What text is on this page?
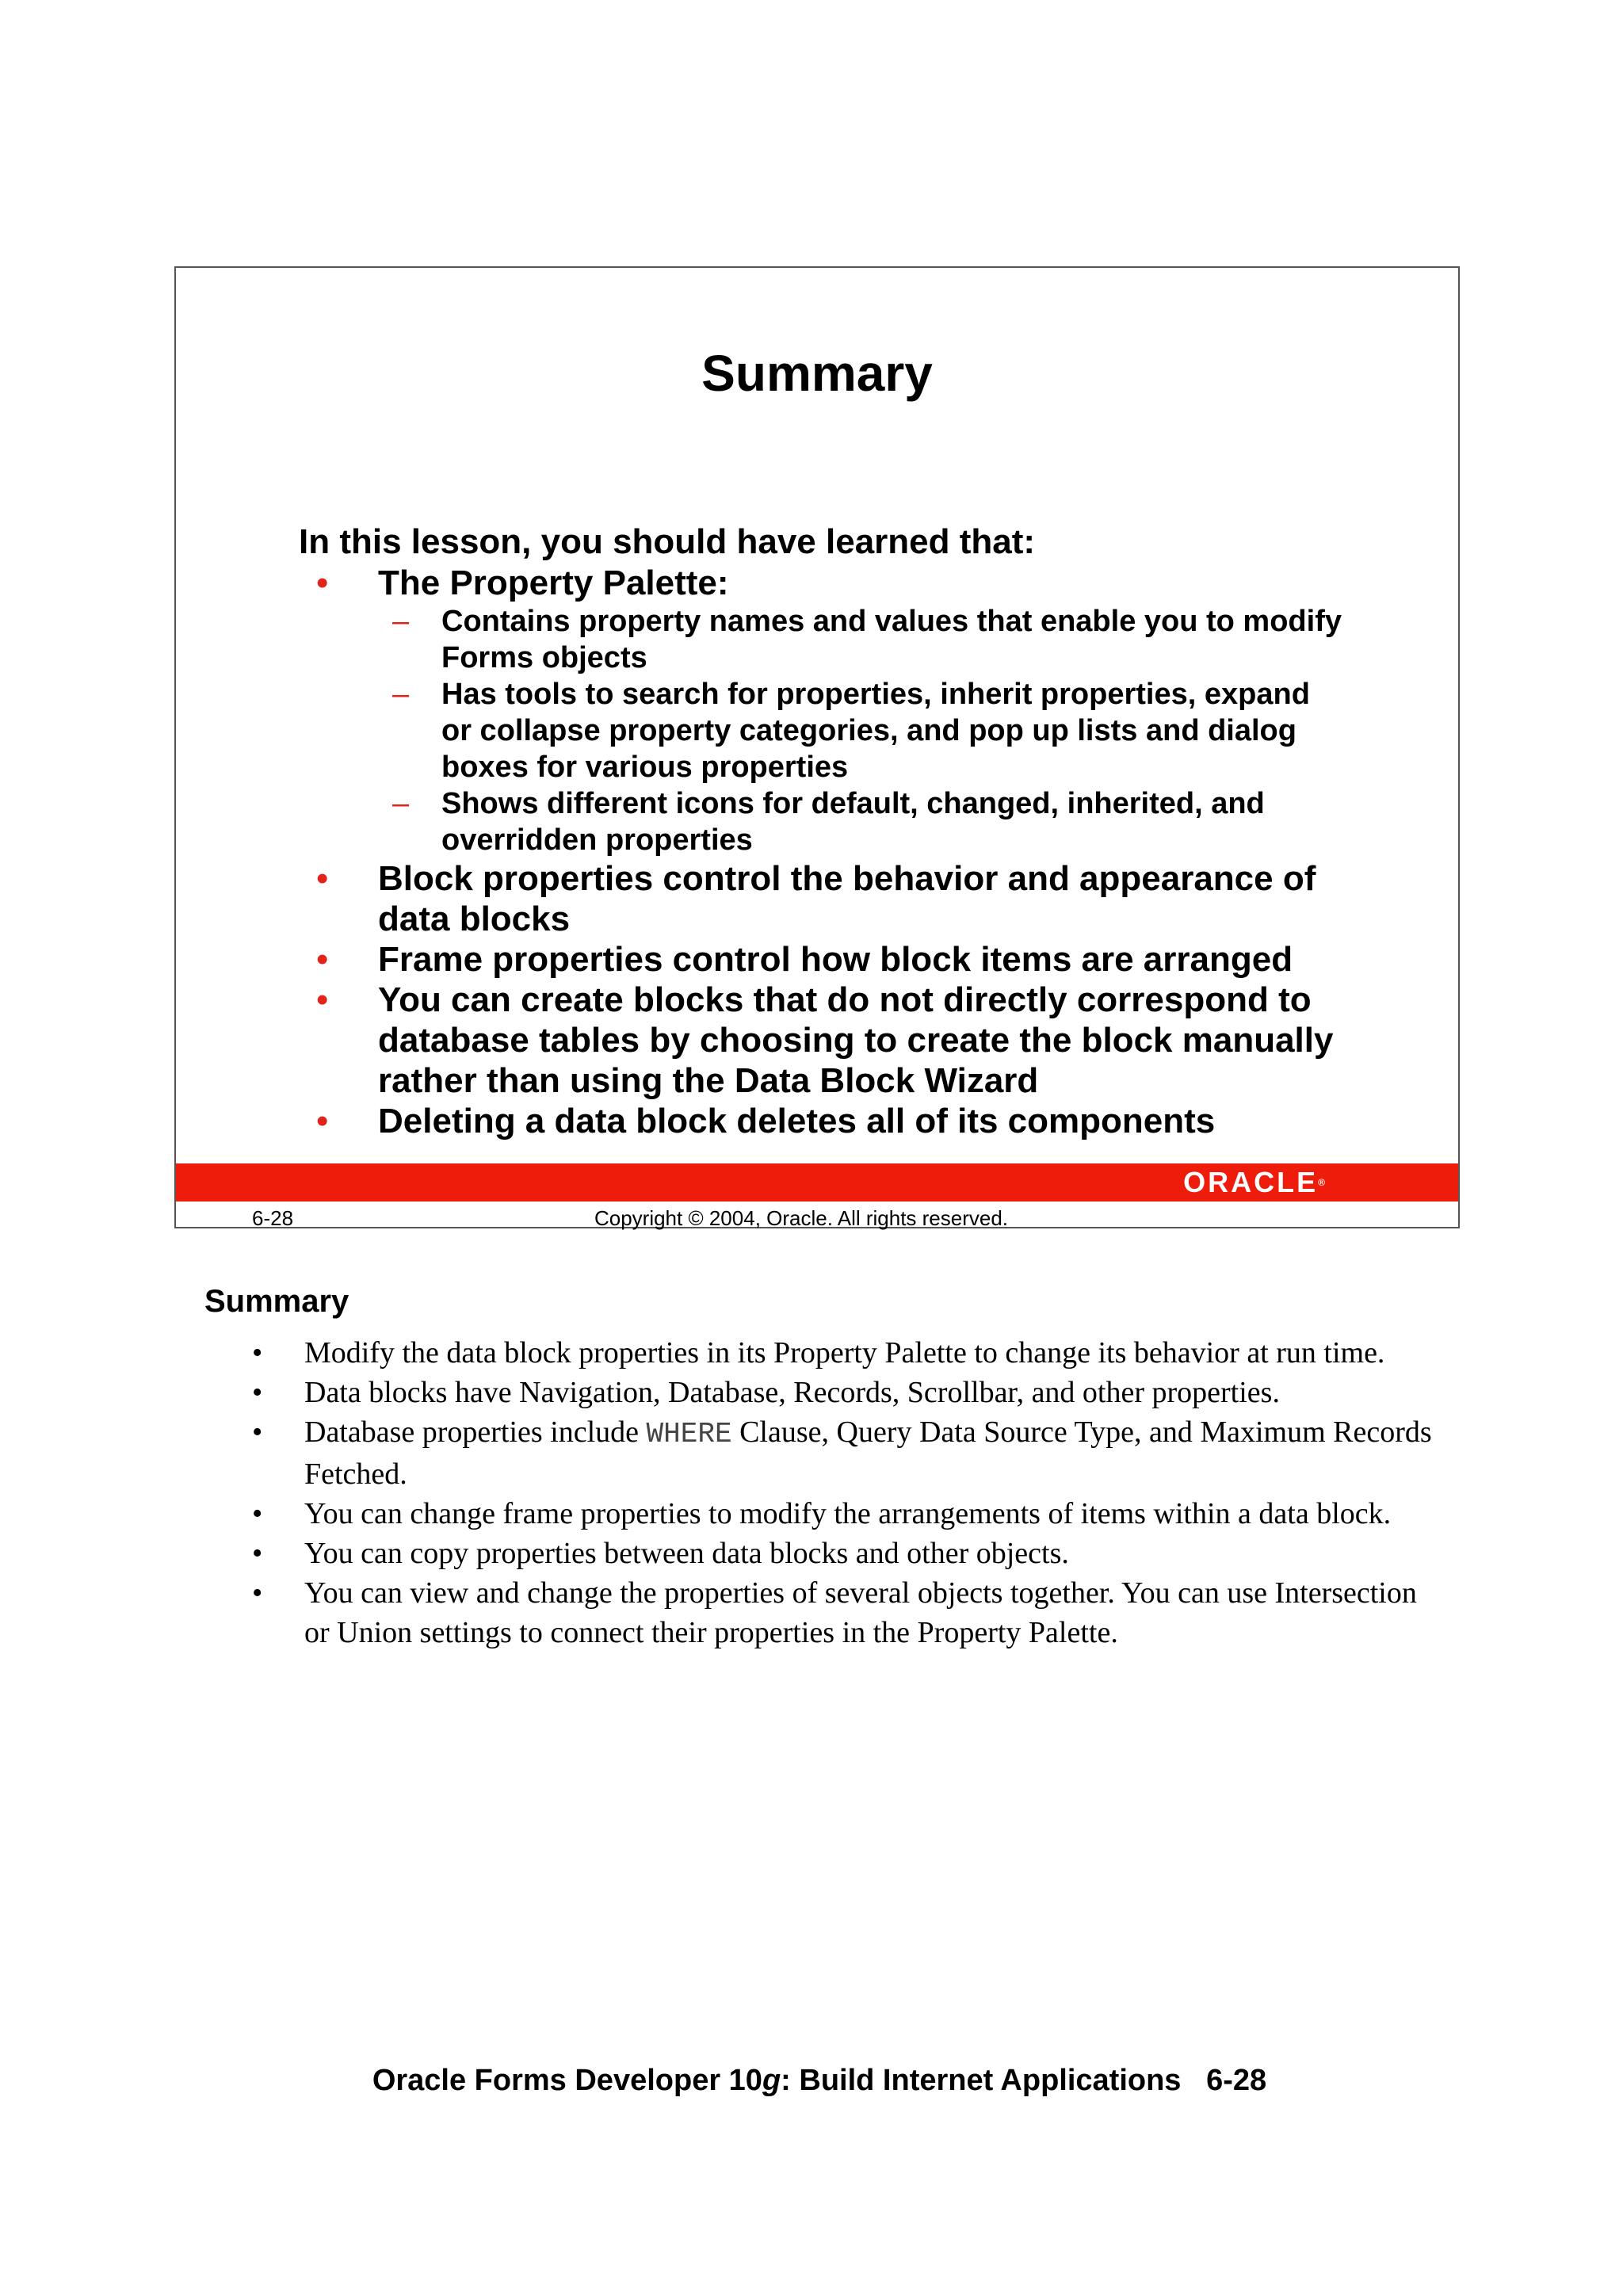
Summary
In this lesson, you should have learned that:
• The Property Palette:
– Contains property names and values that enable you to modify Forms objects
– Has tools to search for properties, inherit properties, expand or collapse property categories, and pop up lists and dialog boxes for various properties
– Shows different icons for default, changed, inherited, and overridden properties
• Block properties control the behavior and appearance of data blocks
• Frame properties control how block items are arranged
• You can create blocks that do not directly correspond to database tables by choosing to create the block manually rather than using the Data Block Wizard
• Deleting a data block deletes all of its components
ORACLE®
6-28	Copyright © 2004, Oracle. All rights reserved.
Summary
• Modify the data block properties in its Property Palette to change its behavior at run time.
• Data blocks have Navigation, Database, Records, Scrollbar, and other properties.
• Database properties include WHERE Clause, Query Data Source Type, and Maximum Records Fetched.
• You can change frame properties to modify the arrangements of items within a data block.
• You can copy properties between data blocks and other objects.
• You can view and change the properties of several objects together. You can use Intersection or Union settings to connect their properties in the Property Palette.
Oracle Forms Developer 10g: Build Internet Applications 6-28
